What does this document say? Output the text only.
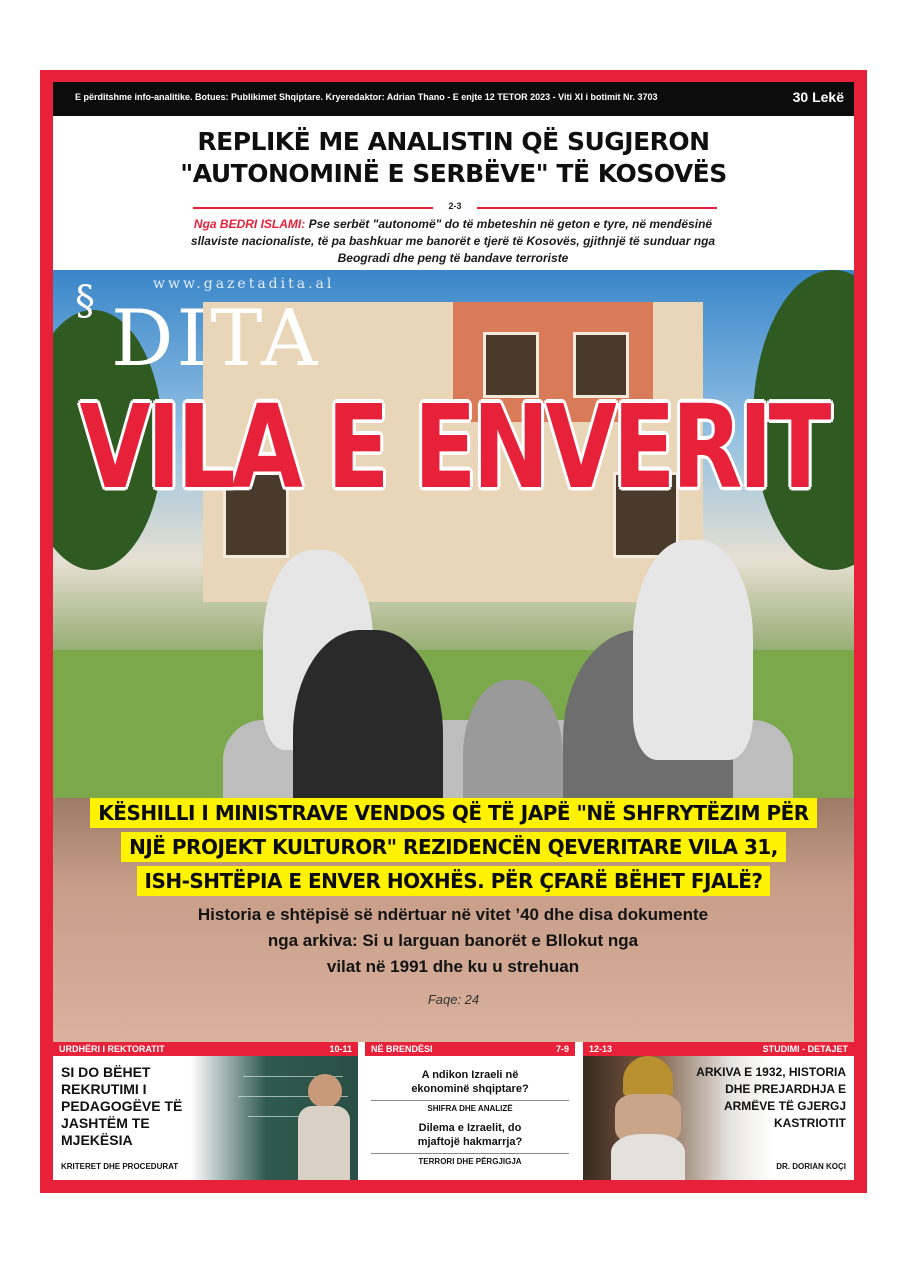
E përditshme info-analitike. Botues: Publikimet Shqiptare. Kryeredaktor: Adrian Thano - E enjte 12 TETOR 2023 - Viti XI i botimit Nr. 3703	30 Lekë
REPLIKË ME ANALISTIN QË SUGJERON
"AUTONOMINË E SERBËVE" TË KOSOVËS
2-3
Nga BEDRI ISLAMI: Pse serbët "autonomë" do të mbeteshin në geton e tyre, në mendësinë sllaviste nacionaliste, të pa bashkuar me banorët e tjerë të Kosovës, gjithnjë të sunduar nga Beogradi dhe peng të bandave terroriste
www.gazetadita.al
§ DITA
VILA E ENVERIT
KËSHILLI I MINISTRAVE VENDOS QË TË JAPË "NË SHFRYTËZIM PËR
NJË PROJEKT KULTUROR" REZIDENCËN QEVERITARE VILA 31,
ISH-SHTËPIA E ENVER HOXHËS. PËR ÇFARË BËHET FJALË?
Historia e shtëpisë së ndërtuar në vitet ’40 dhe disa dokumente
nga arkiva: Si u larguan banorët e Bllokut nga
vilat në 1991 dhe ku u strehuan
Faqe: 24
URDHËRI I REKTORATIT	10-11
SI DO BËHET REKRUTIMI I PEDAGOGËVE TË JASHTËM TE MJEKËSIA
KRITERET DHE PROCEDURAT
NË BRENDËSI	7-9
A ndikon Izraeli në ekonominë shqiptare?
SHIFRA DHE ANALIZË
Dilema e Izraelit, do mjaftojë hakmarrja?
TERRORI DHE PËRGJIGJA
12-13	STUDIMI - DETAJET
ARKIVA E 1932, HISTORIA DHE PREJARDHJA E ARMËVE TË GJERGJ KASTRIOTIT
DR. DORIAN KOÇI
